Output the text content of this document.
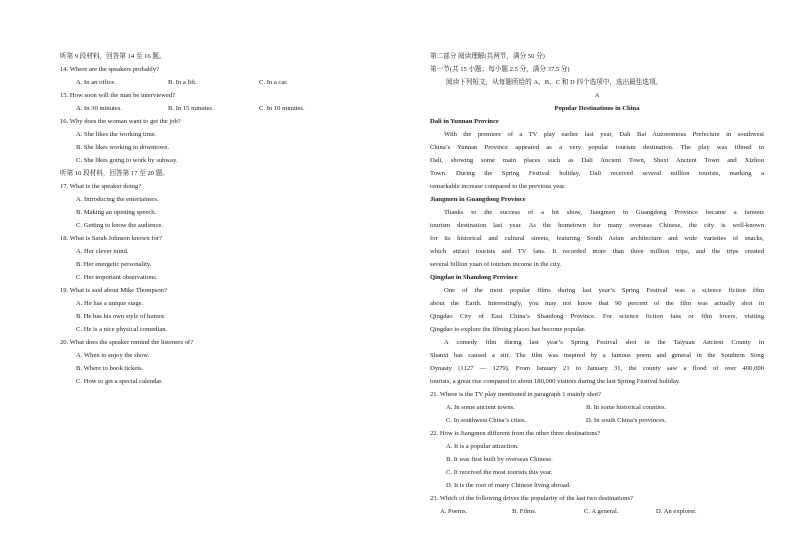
听第 9 段材料，回答第 14 至 16 题。
14. Where are the speakers probably?
A. In an office.	B. In a lift.	C. In a car.
15. How soon will the man be interviewed?
A. In 30 minutes.	B. In 15 minutes.	C. In 10 minutes.
16. Why does the woman want to get the job?
A. She likes the working time.
B. She likes working in downtown.
C. She likes going to work by subway.
听第 10 段材料，回答第 17 至 20 题。
17. What is the speaker doing?
A. Introducing the entertainers.
B. Making an opening speech.
C. Getting to know the audience.
18. What is Sarah Johnson known for?
A. Her clever mind.
B. Her energetic personality.
C. Her important observations.
19. What is said about Mike Thompson?
A. He has a unique stage.
B. He has his own style of humor.
C. He is a nice physical comedian.
20. What does the speaker remind the listeners of?
A. When to enjoy the show.
B. Where to book tickets.
C. How to get a special calendar.
第二部分 阅读理解(共两节，满分 50 分)
第一节(共 15 小题；每小题 2.5 分，满分 37.5 分)
阅读下列短文，从每题所给的 A、B、C 和 D 四个选项中，选出最佳选项。
A
Popular Destinations in China
Dali in Yunnan Province
With the premiere of a TV play earlier last year, Dali Bai Autonomous Prefecture in southwest
China’s Yunnan Province appeared as a very popular tourism destination. The play was filmed in
Dali, showing some main places such as Dali Ancient Town, Shaxi Ancient Town and Xizhou
Town. During the Spring Festival holiday, Dali received several million tourists, marking a
remarkable increase compared to the previous year.
Jiangmen in Guangdong Province
Thanks to the success of a hit show, Jiangmen in Guangdong Province became a famous
tourism destination last year. As the hometown for many overseas Chinese, the city is well-known
for its historical and cultural streets, featuring South Asian architecture and wide varieties of snacks,
which attract tourists and TV fans. It recorded more than three million trips, and the trips created
several billion yuan of tourism income in the city.
Qingdao in Shandong Province
One of the most popular films during last year’s Spring Festival was a science fiction film
about the Earth. Interestingly, you may not know that 90 percent of the film was actually shot in
Qingdao City of East China’s Shandong Province. For science fiction fans or film lovers, visiting
Qingdao to explore the filming places has become popular.
A comedy film during last year’s Spring Festival shot in the Taiyuan Ancient County in
Shanxi has caused a stir. The film was inspired by a famous poem and general in the Southern Song
Dynasty (1127 — 1279). From January 21 to January 31, the county saw a flood of over 400,000
tourists, a great rise compared to about 180,000 visitors during the last Spring Festival holiday.
21. Where is the TV play mentioned in paragraph 1 mainly shot?
A. In some ancient towns.	B. In some historical counties.
C. In southwest China’s cities.	D. In south China’s provinces.
22. How is Jiangmen different from the other three destinations?
A. It is a popular attraction.
B. It was first built by overseas Chinese.
C. It received the most tourists this year.
D. It is the root of many Chinese living abroad.
23. Which of the following drives the popularity of the last two destinations?
A. Poems.	B. Films.	C. A general.	D. An explorer.
